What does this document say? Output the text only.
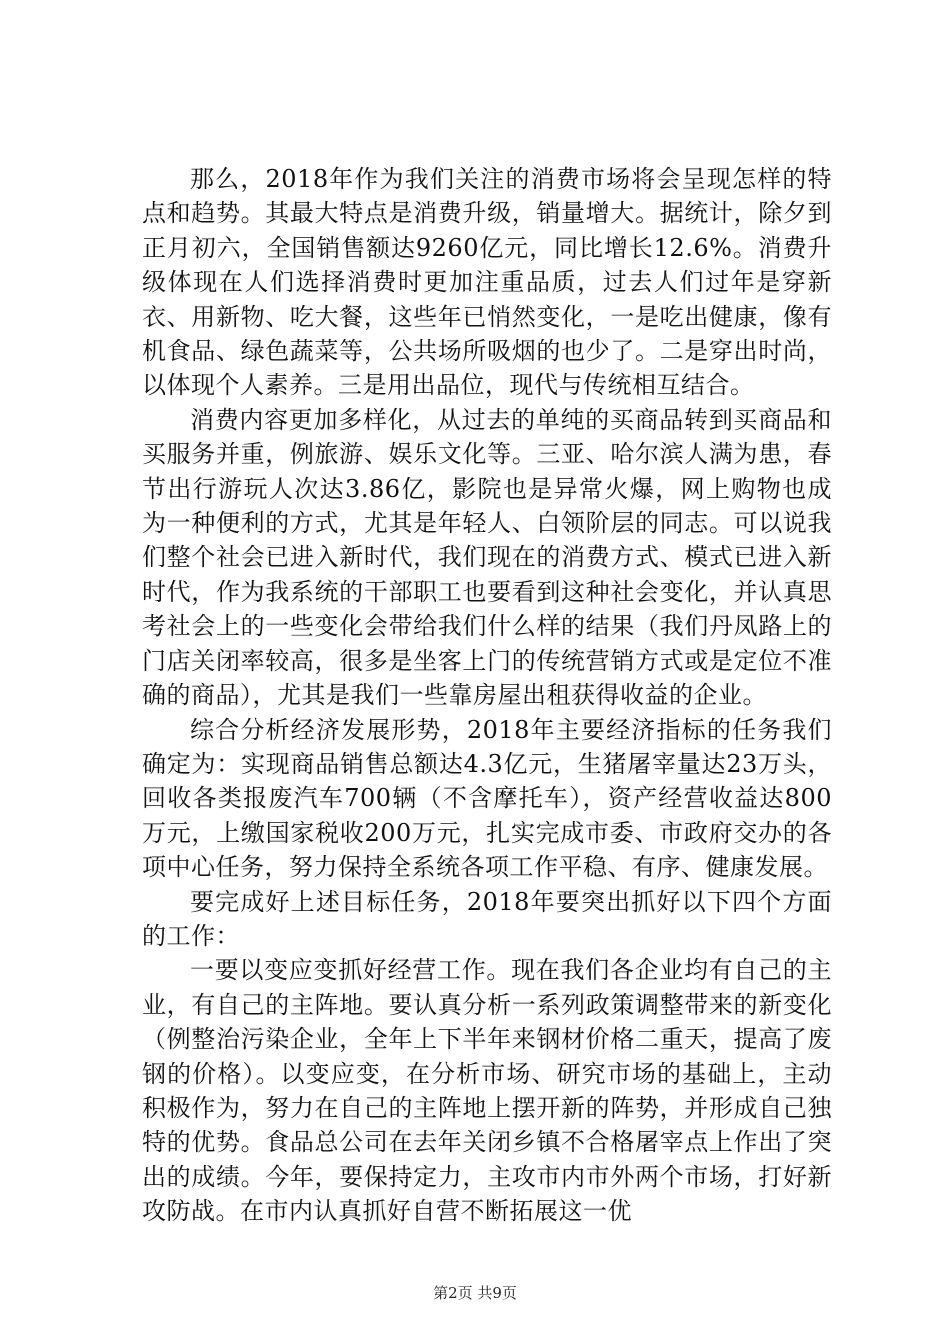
那么，2018年作为我们关注的消费市场将会呈现怎样的特点和趋势。其最大特点是消费升级，销量增大。据统计，除夕到正月初六，全国销售额达9260亿元，同比增长12.6%。消费升级体现在人们选择消费时更加注重品质，过去人们过年是穿新衣、用新物、吃大餐，这些年已悄然变化，一是吃出健康，像有机食品、绿色蔬菜等，公共场所吸烟的也少了。二是穿出时尚，以体现个人素养。三是用出品位，现代与传统相互结合。

消费内容更加多样化，从过去的单纯的买商品转到买商品和买服务并重，例旅游、娱乐文化等。三亚、哈尔滨人满为患，春节出行游玩人次达3.86亿，影院也是异常火爆，网上购物也成为一种便利的方式，尤其是年轻人、白领阶层的同志。可以说我们整个社会已进入新时代，我们现在的消费方式、模式已进入新时代，作为我系统的干部职工也要看到这种社会变化，并认真思考社会上的一些变化会带给我们什么样的结果（我们丹凤路上的门店关闭率较高，很多是坐客上门的传统营销方式或是定位不准确的商品），尤其是我们一些靠房屋出租获得收益的企业。

综合分析经济发展形势，2018年主要经济指标的任务我们确定为：实现商品销售总额达4.3亿元，生猪屠宰量达23万头，回收各类报废汽车700辆（不含摩托车），资产经营收益达800万元，上缴国家税收200万元，扎实完成市委、市政府交办的各项中心任务，努力保持全系统各项工作平稳、有序、健康发展。

要完成好上述目标任务，2018年要突出抓好以下四个方面的工作：

一要以变应变抓好经营工作。现在我们各企业均有自己的主业，有自己的主阵地。要认真分析一系列政策调整带来的新变化（例整治污染企业，全年上下半年来钢材价格二重天，提高了废钢的价格）。以变应变，在分析市场、研究市场的基础上，主动积极作为，努力在自己的主阵地上摆开新的阵势，并形成自己独特的优势。食品总公司在去年关闭乡镇不合格屠宰点上作出了突出的成绩。今年，要保持定力，主攻市内市外两个市场，打好新攻防战。在市内认真抓好自营不断拓展这一优

第2页 共9页
